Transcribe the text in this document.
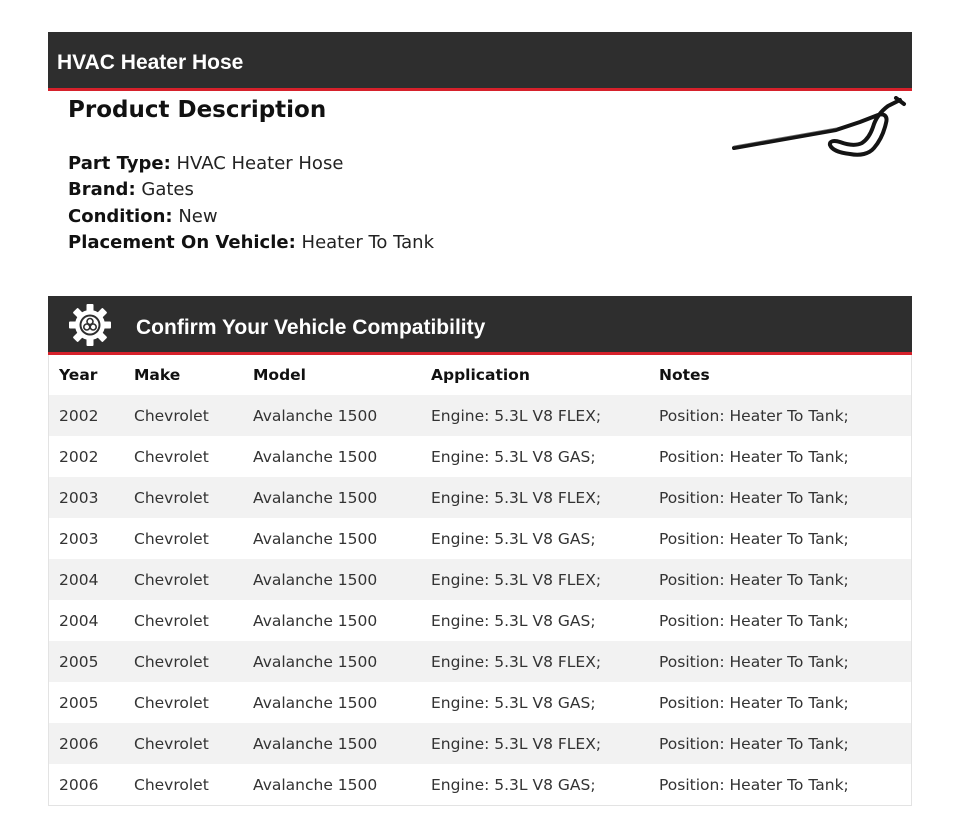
HVAC Heater Hose
Product Description
Part Type: HVAC Heater Hose
Brand: Gates
Condition: New
Placement On Vehicle: Heater To Tank
Confirm Your Vehicle Compatibility
Year	Make	Model	Application	Notes
2002	Chevrolet	Avalanche 1500	Engine: 5.3L V8 FLEX;	Position: Heater To Tank;
2002	Chevrolet	Avalanche 1500	Engine: 5.3L V8 GAS;	Position: Heater To Tank;
2003	Chevrolet	Avalanche 1500	Engine: 5.3L V8 FLEX;	Position: Heater To Tank;
2003	Chevrolet	Avalanche 1500	Engine: 5.3L V8 GAS;	Position: Heater To Tank;
2004	Chevrolet	Avalanche 1500	Engine: 5.3L V8 FLEX;	Position: Heater To Tank;
2004	Chevrolet	Avalanche 1500	Engine: 5.3L V8 GAS;	Position: Heater To Tank;
2005	Chevrolet	Avalanche 1500	Engine: 5.3L V8 FLEX;	Position: Heater To Tank;
2005	Chevrolet	Avalanche 1500	Engine: 5.3L V8 GAS;	Position: Heater To Tank;
2006	Chevrolet	Avalanche 1500	Engine: 5.3L V8 FLEX;	Position: Heater To Tank;
2006	Chevrolet	Avalanche 1500	Engine: 5.3L V8 GAS;	Position: Heater To Tank;
